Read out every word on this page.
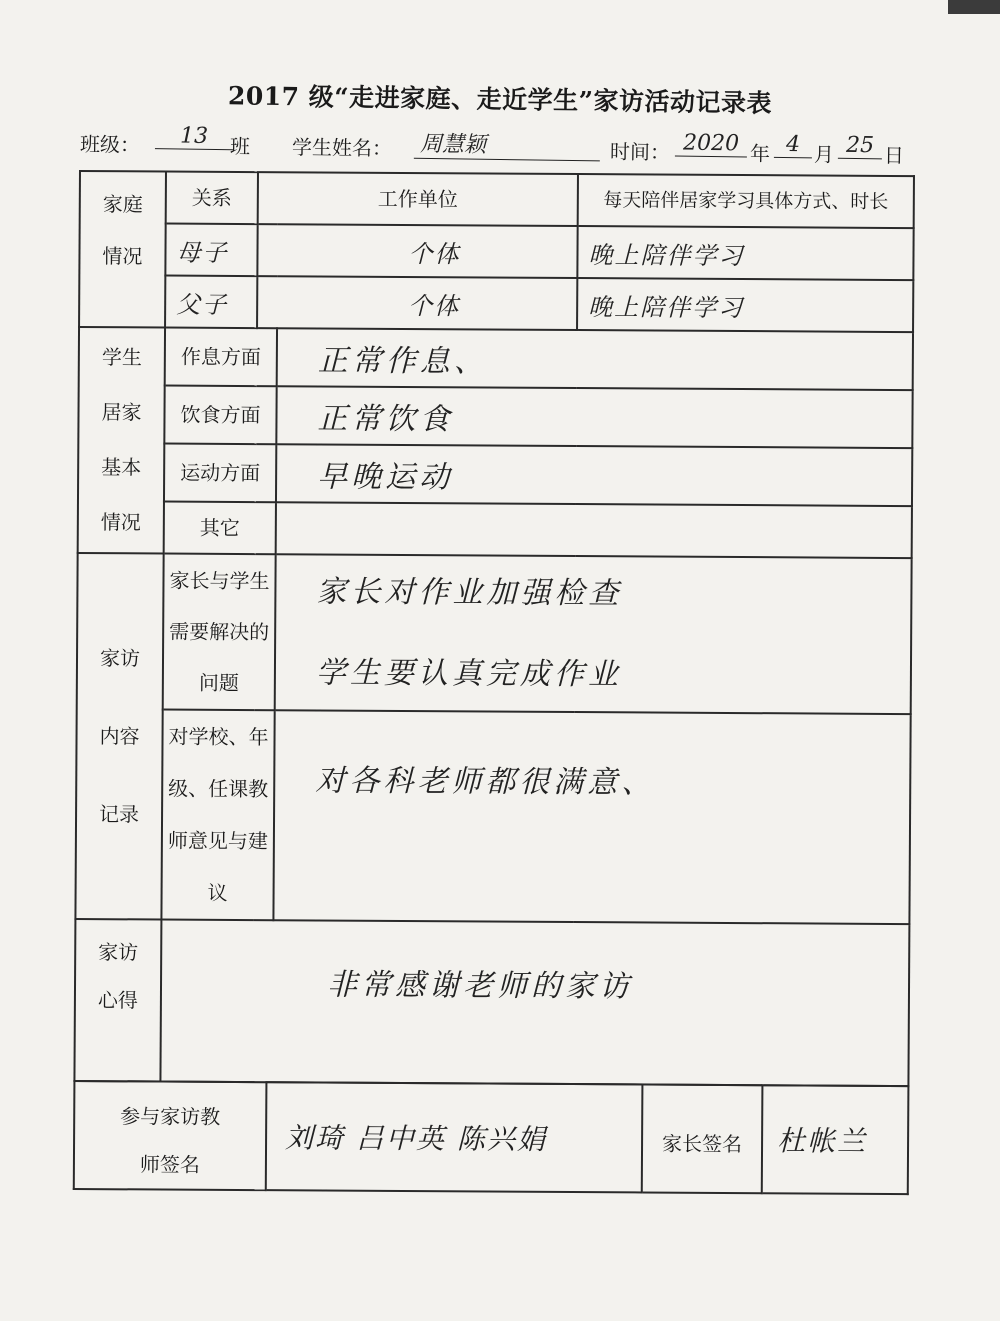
2017 级“走进家庭、走近学生”家访活动记录表
班级：	13	班 学生姓名： 周慧颖	时间： 2020 年 4 月 25 日
家庭情况	关系	工作单位		每天陪伴居家学习具体方式、时长
	母子	个体		晚上陪伴学习
	父子	个体		晚上陪伴学习
学生居家基本情况	作息方面		正常作息、	
	饮食方面		正常饮食	
	运动方面		早晚运动	
	其它			
家访内容记录	家长与学生需要解决的问题		家长对作业加强检查
学生要认真完成作业	

	对学校、年级、任课教师意见与建议		对各科老师都很满意、	
家访心得	非常感谢老师的家访			
参与家访教师签名	刘琦 吕中英 陈兴娟	家长签名	杜帐兰
